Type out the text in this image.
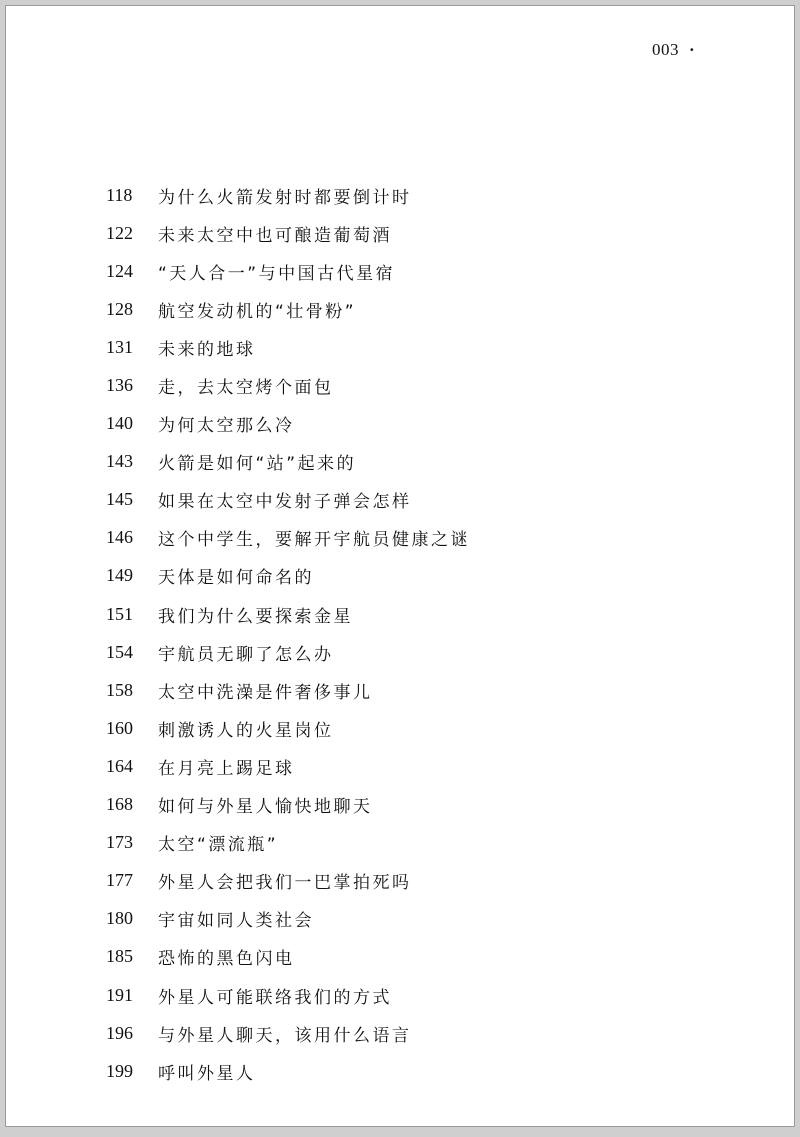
003 ·
118	为什么火箭发射时都要倒计时
122	未来太空中也可酿造葡萄酒
124	“天人合一”与中国古代星宿
128	航空发动机的“壮骨粉”
131	未来的地球
136	走，去太空烤个面包
140	为何太空那么冷
143	火箭是如何“站”起来的
145	如果在太空中发射子弹会怎样
146	这个中学生，要解开宇航员健康之谜
149	天体是如何命名的
151	我们为什么要探索金星
154	宇航员无聊了怎么办
158	太空中洗澡是件奢侈事儿
160	刺激诱人的火星岗位
164	在月亮上踢足球
168	如何与外星人愉快地聊天
173	太空“漂流瓶”
177	外星人会把我们一巴掌拍死吗
180	宇宙如同人类社会
185	恐怖的黑色闪电
191	外星人可能联络我们的方式
196	与外星人聊天，该用什么语言
199	呼叫外星人
